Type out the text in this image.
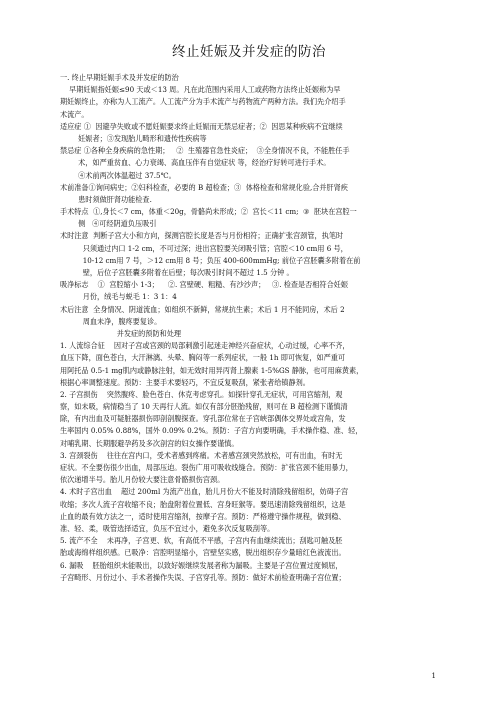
终止妊娠及并发症的防治
一. 终止早期妊娠手术及并发症的防治
早期妊娠指妊娠≤90 天或＜13 周。凡在此范围内采用人工或药物方法终止妊娠称为早
期妊娠终止，亦称为人工流产。人工流产分为手术流产与药物流产两种方法。我们先介绍手
术流产。
适应症 ①  因避孕失败或不愿妊娠要求终止妊娠而无禁忌症者；②  因思某种疾病不宜继续
妊娠者；③发现胎儿畸形和遗传性疾病等
禁忌症 ①各种全身疾病的急性期；   ②  生殖器官急性炎症；  ③全身情况不良，不能胜任手
术，如严重贫血、心力衰竭、高血压伴有自觉症状 等，经治疗好转可进行手术。
④术前两次体温超过 37.5℃。
术前准备①询问病史；②妇科检查，必要的 B 超检查；③  体格检查和常规化验,合并肝肾疾
患时须做肝肾功能检查.
手术特点  ①,身长＜7 cm，体重＜20g，骨骼尚未形成；②  宫长＜11 cm;  ③  胚块在宫腔一
侧   ④可经阴道负压吸引
术时注意  判断子宫大小和方向，探测宫腔长度是否与月份相符；正确扩张宫颈管，执笔时
只须通过内口 1-2 cm，不可过深；进出宫腔要关闭吸引管；宫腔＜10 cm用 6 号，
10-12 cm用 7 号，＞12 cm用 8 号；负压 400-600mmHg; 前位子宫胚囊多附着在前
壁，后位子宫胚囊多附着在后壁；每次吸引时间不超过 1.5 分钟 。
吸净标志    ①  宫腔缩小 1-3；    ②. 宫壁硬、粗糙、有沙沙声；   ③. 检查是否相符合妊娠
月份，绒毛与蜕毛 1：3 1：4
术后注意  全身情况、阴道流血；如组织不新鲜，常规抗生素；术后 1 月不能同房，术后 2
周血未净，腹疼要复诊。
并发症的预防和处理
1. 人流综合征    因对子宫或宫颈的局部刺激引起迷走神经兴奋症状，心动过缓，心率不齐，
血压下降，面色苍白，大汗淋漓、头晕、胸闷等一系列症状，一般 1h 即可恢复，如严重可
用阿托品 0.5-1 mg肌内或静脉注射，如无效时用异丙肾上腺素 1-5%GS 静脉，也可用麻黄素，
根据心率调整速度。预防：主要手术要轻巧，不宜反复吸刮，紧张者给镇静剂。
2. 子宫损伤    突然腹疼、脸色苍白、休克考虑穿孔。如探针穿孔无症状，可用宫缩剂，观
察，如未吸，病情稳当了 10 天再行人流。如仅有部分胚胎残留，则可在 B 超检测下谨慎清
除，有内出血及可疑脏器损伤即剖剖腹探查。穿孔部位常在子宫峡部偶体交界处或宫角，发
生率国内 0.05% 0.88%，国外 0.09% 0.2%。预防：子宫方向要明确，手术操作稳、准、轻，
对哺乳期、长期服避孕药及多次剖宫的妇女操作要谨慎。
3. 宫颈裂伤    往往在宫内口，受术者感到疼痛。术者感宫颈突然放松，可有出血，有时无
症状。不全要伤很少出血，局部压迫。裂伤广用可吸收线缝合。预防：扩张宫颈不能用暴力，
依次递增半号。胎儿月份较大要注意骨骼损伤宫颈。
4. 术时子宫出血    超过 200ml 为流产出血，胎儿月份大不能及时清除残留组织，妨碍子宫
收缩；多次人流子宫收缩不良；胎盘附着位置低、宫身旺猴等。要迅速清除残留组织，这是
止血的最有效方法之一，适时使用宫缩剂，按摩子宫。预防：严格遵守操作规程，做到稳、
准、轻、柔，吸管选择适宜，负压不宜过小，避免多次反复吸刮等。
5. 流产不全    未再净，子宫更、软，有高低不平感，子宫内有血继续流出；刮匙可触及胚
胎或海绵样组织感。已吸净：宫腔明显缩小，宫壁坚实感，脱出组织存少量暗红色液流出。
6. 漏吸    胚胎组织未能吸出，以致好娠继续发展者称为漏吸。主要是子宫位置过度倾屈，
子宫畸形、月份过小、手术者操作失误、子宫穿孔等。预防：做好术前检查明确子宫位置；
1
